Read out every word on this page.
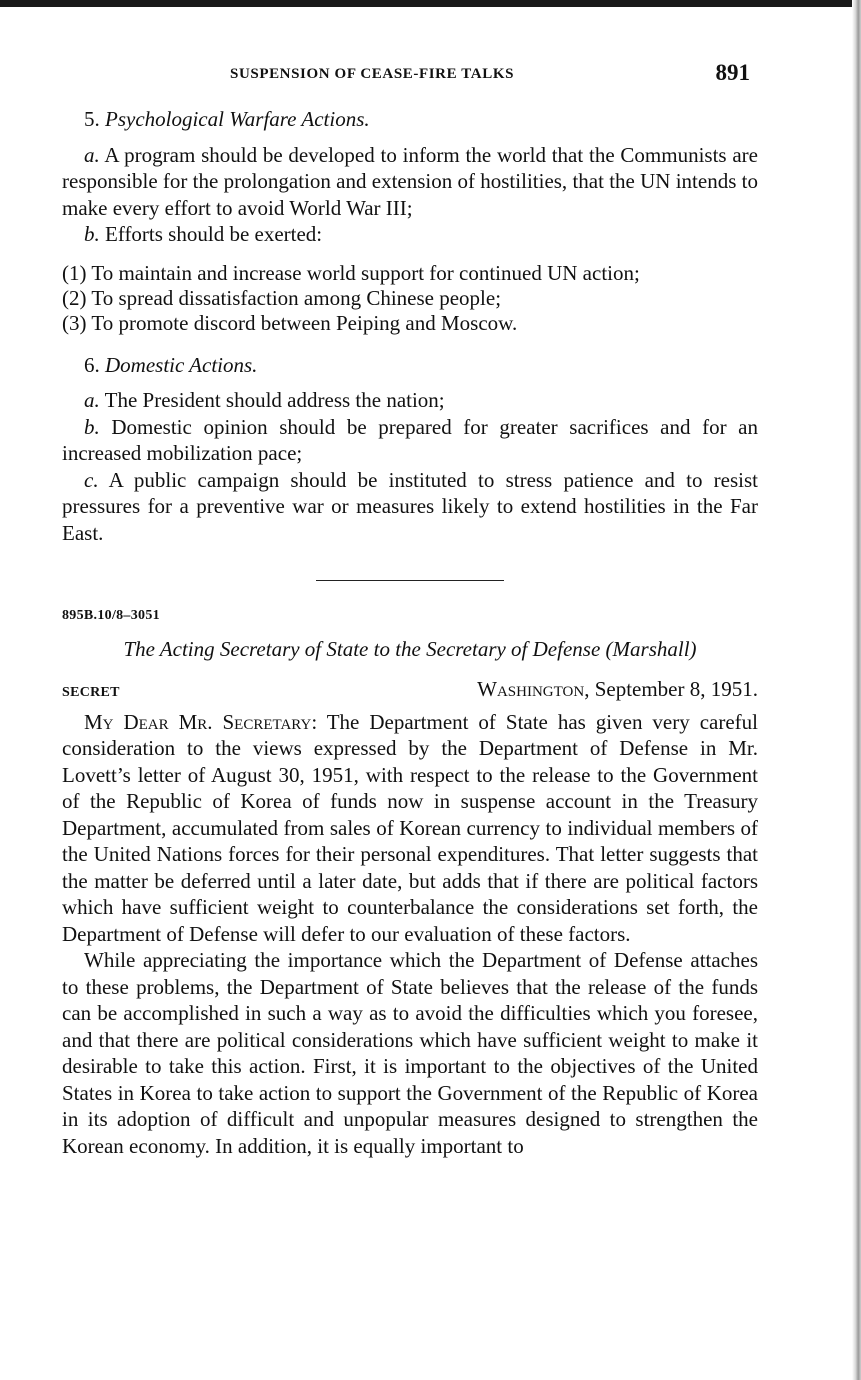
SUSPENSION OF CEASE-FIRE TALKS	891

5. Psychological Warfare Actions.

a. A program should be developed to inform the world that the Communists are responsible for the prolongation and extension of hostilities, that the UN intends to make every effort to avoid World War III;

b. Efforts should be exerted:

(1) To maintain and increase world support for continued UN action;

(2) To spread dissatisfaction among Chinese people;

(3) To promote discord between Peiping and Moscow.

6. Domestic Actions.

a. The President should address the nation;

b. Domestic opinion should be prepared for greater sacrifices and for an increased mobilization pace;

c. A public campaign should be instituted to stress patience and to resist pressures for a preventive war or measures likely to extend hostilities in the Far East.

895B.10/8–3051

The Acting Secretary of State to the Secretary of Defense (Marshall)

SECRET	Washington, September 8, 1951.

My Dear Mr. Secretary: The Department of State has given very careful consideration to the views expressed by the Department of Defense in Mr. Lovett’s letter of August 30, 1951, with respect to the release to the Government of the Republic of Korea of funds now in suspense account in the Treasury Department, accumulated from sales of Korean currency to individual members of the United Nations forces for their personal expenditures. That letter suggests that the matter be deferred until a later date, but adds that if there are political factors which have sufficient weight to counterbalance the considerations set forth, the Department of Defense will defer to our evaluation of these factors.

While appreciating the importance which the Department of Defense attaches to these problems, the Department of State believes that the release of the funds can be accomplished in such a way as to avoid the difficulties which you foresee, and that there are political considerations which have sufficient weight to make it desirable to take this action. First, it is important to the objectives of the United States in Korea to take action to support the Government of the Republic of Korea in its adoption of difficult and unpopular measures designed to strengthen the Korean economy. In addition, it is equally important to
